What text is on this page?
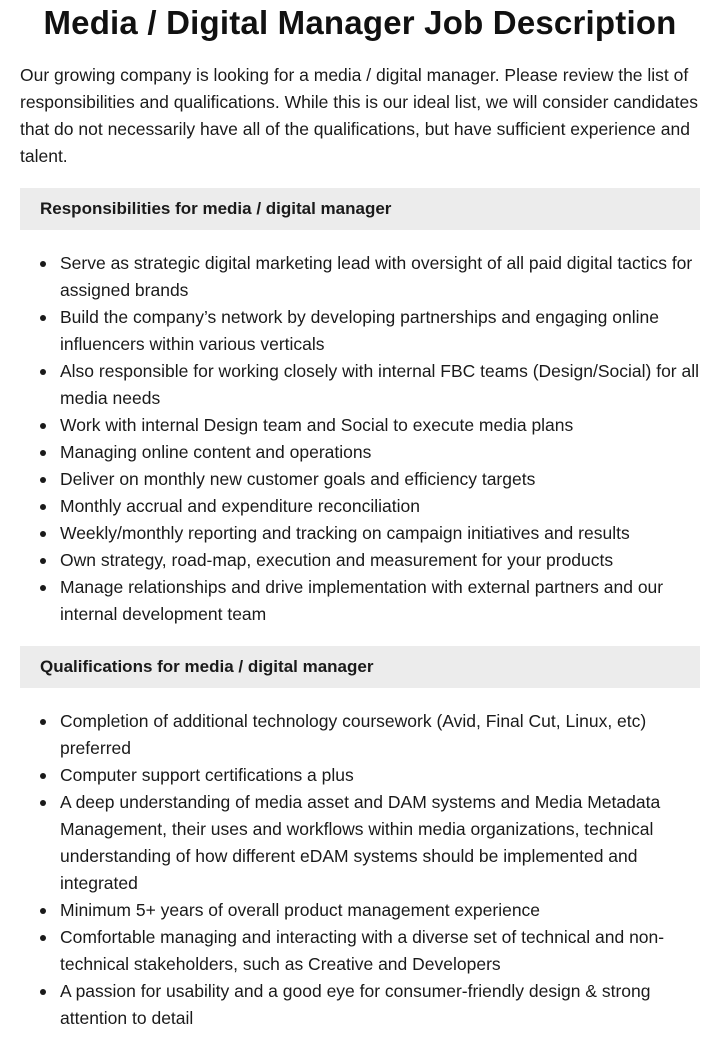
Media / Digital Manager Job Description

Our growing company is looking for a media / digital manager. Please review the list of responsibilities and qualifications. While this is our ideal list, we will consider candidates that do not necessarily have all of the qualifications, but have sufficient experience and talent.

Responsibilities for media / digital manager
Serve as strategic digital marketing lead with oversight of all paid digital tactics for assigned brands
Build the company’s network by developing partnerships and engaging online influencers within various verticals
Also responsible for working closely with internal FBC teams (Design/Social) for all media needs
Work with internal Design team and Social to execute media plans
Managing online content and operations
Deliver on monthly new customer goals and efficiency targets
Monthly accrual and expenditure reconciliation
Weekly/monthly reporting and tracking on campaign initiatives and results
Own strategy, road-map, execution and measurement for your products
Manage relationships and drive implementation with external partners and our internal development team
Qualifications for media / digital manager
Completion of additional technology coursework (Avid, Final Cut, Linux, etc) preferred
Computer support certifications a plus
A deep understanding of media asset and DAM systems and Media Metadata Management, their uses and workflows within media organizations, technical understanding of how different eDAM systems should be implemented and integrated
Minimum 5+ years of overall product management experience
Comfortable managing and interacting with a diverse set of technical and non-technical stakeholders, such as Creative and Developers
A passion for usability and a good eye for consumer-friendly design & strong attention to detail
